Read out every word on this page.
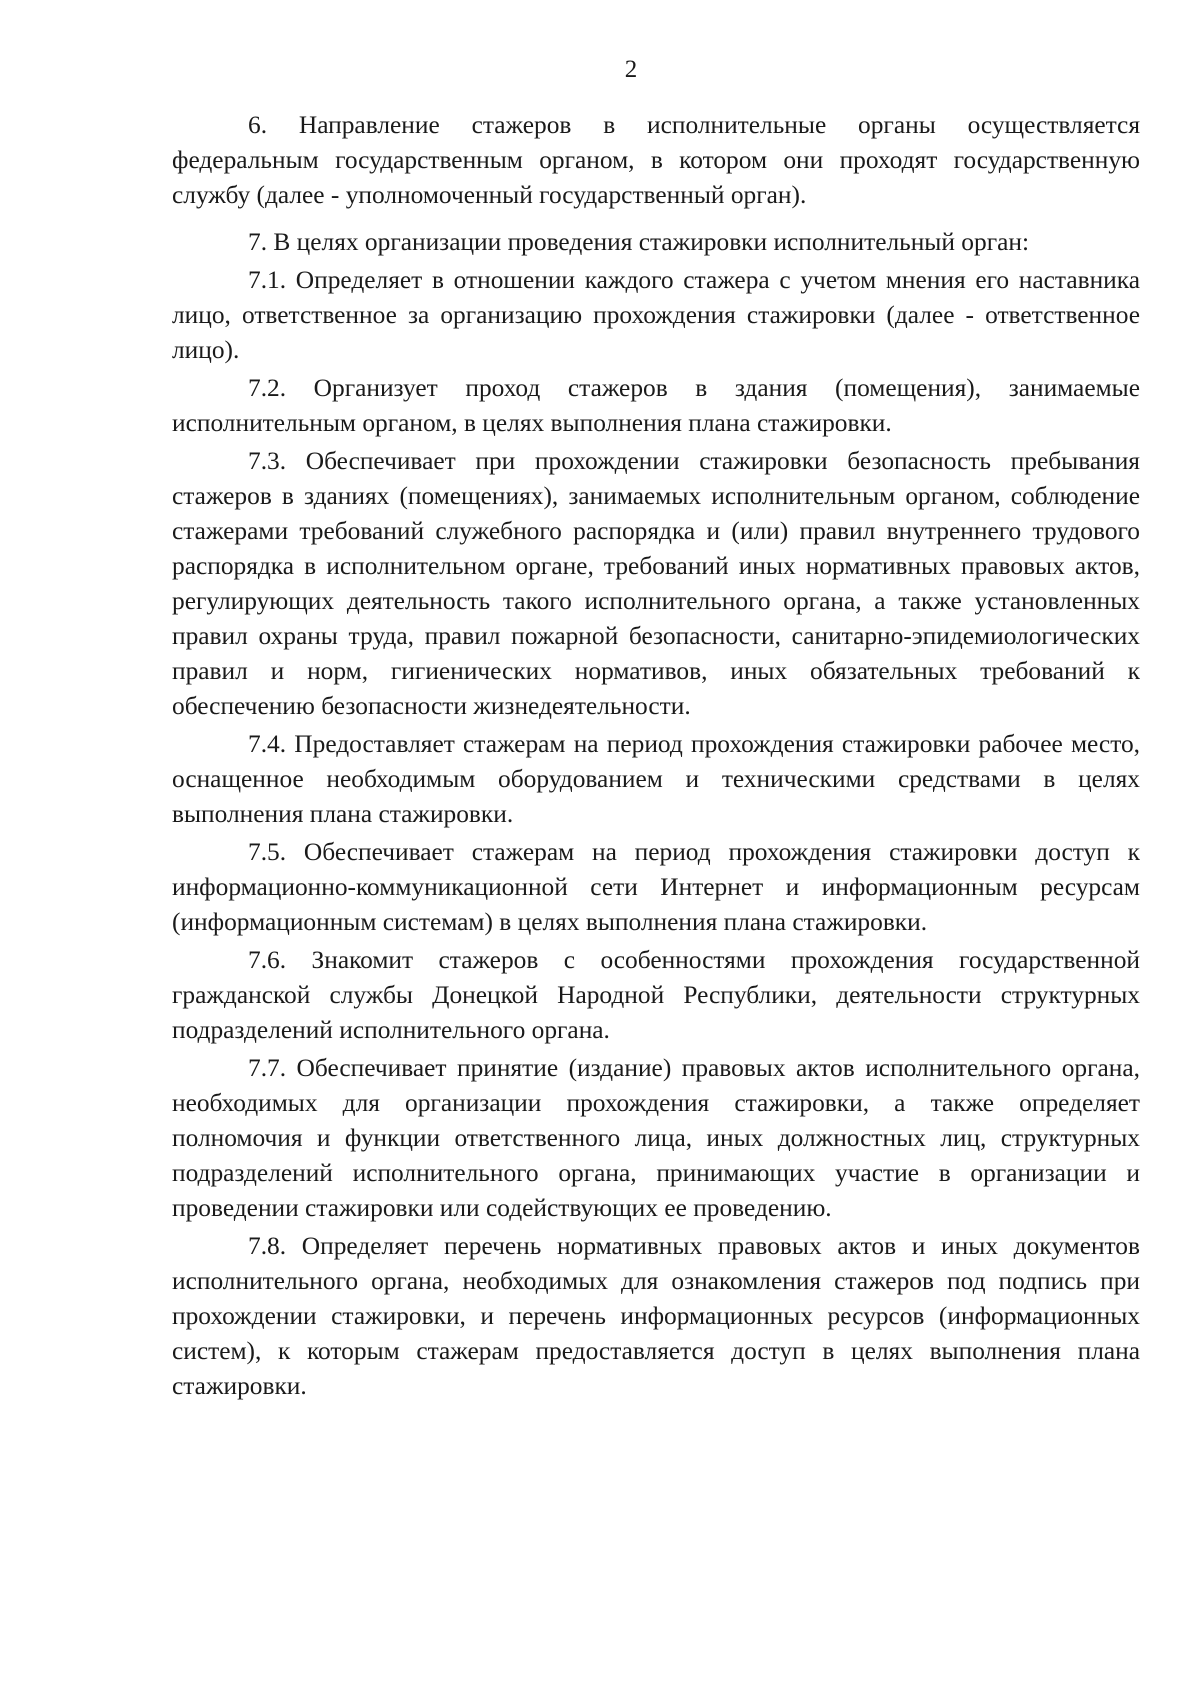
2

6. Направление стажеров в исполнительные органы осуществляется федеральным государственным органом, в котором они проходят государственную службу (далее - уполномоченный государственный орган).

7. В целях организации проведения стажировки исполнительный орган:

7.1. Определяет в отношении каждого стажера с учетом мнения его наставника лицо, ответственное за организацию прохождения стажировки (далее - ответственное лицо).

7.2. Организует проход стажеров в здания (помещения), занимаемые исполнительным органом, в целях выполнения плана стажировки.

7.3. Обеспечивает при прохождении стажировки безопасность пребывания стажеров в зданиях (помещениях), занимаемых исполнительным органом, соблюдение стажерами требований служебного распорядка и (или) правил внутреннего трудового распорядка в исполнительном органе, требований иных нормативных правовых актов, регулирующих деятельность такого исполнительного органа, а также установленных правил охраны труда, правил пожарной безопасности, санитарно-эпидемиологических правил и норм, гигиенических нормативов, иных обязательных требований к обеспечению безопасности жизнедеятельности.

7.4. Предоставляет стажерам на период прохождения стажировки рабочее место, оснащенное необходимым оборудованием и техническими средствами в целях выполнения плана стажировки.

7.5. Обеспечивает стажерам на период прохождения стажировки доступ к информационно-коммуникационной сети Интернет и информационным ресурсам (информационным системам) в целях выполнения плана стажировки.

7.6. Знакомит стажеров с особенностями прохождения государственной гражданской службы Донецкой Народной Республики, деятельности структурных подразделений исполнительного органа.

7.7. Обеспечивает принятие (издание) правовых актов исполнительного органа, необходимых для организации прохождения стажировки, а также определяет полномочия и функции ответственного лица, иных должностных лиц, структурных подразделений исполнительного органа, принимающих участие в организации и проведении стажировки или содействующих ее проведению.

7.8. Определяет перечень нормативных правовых актов и иных документов исполнительного органа, необходимых для ознакомления стажеров под подпись при прохождении стажировки, и перечень информационных ресурсов (информационных систем), к которым стажерам предоставляется доступ в целях выполнения плана стажировки.
